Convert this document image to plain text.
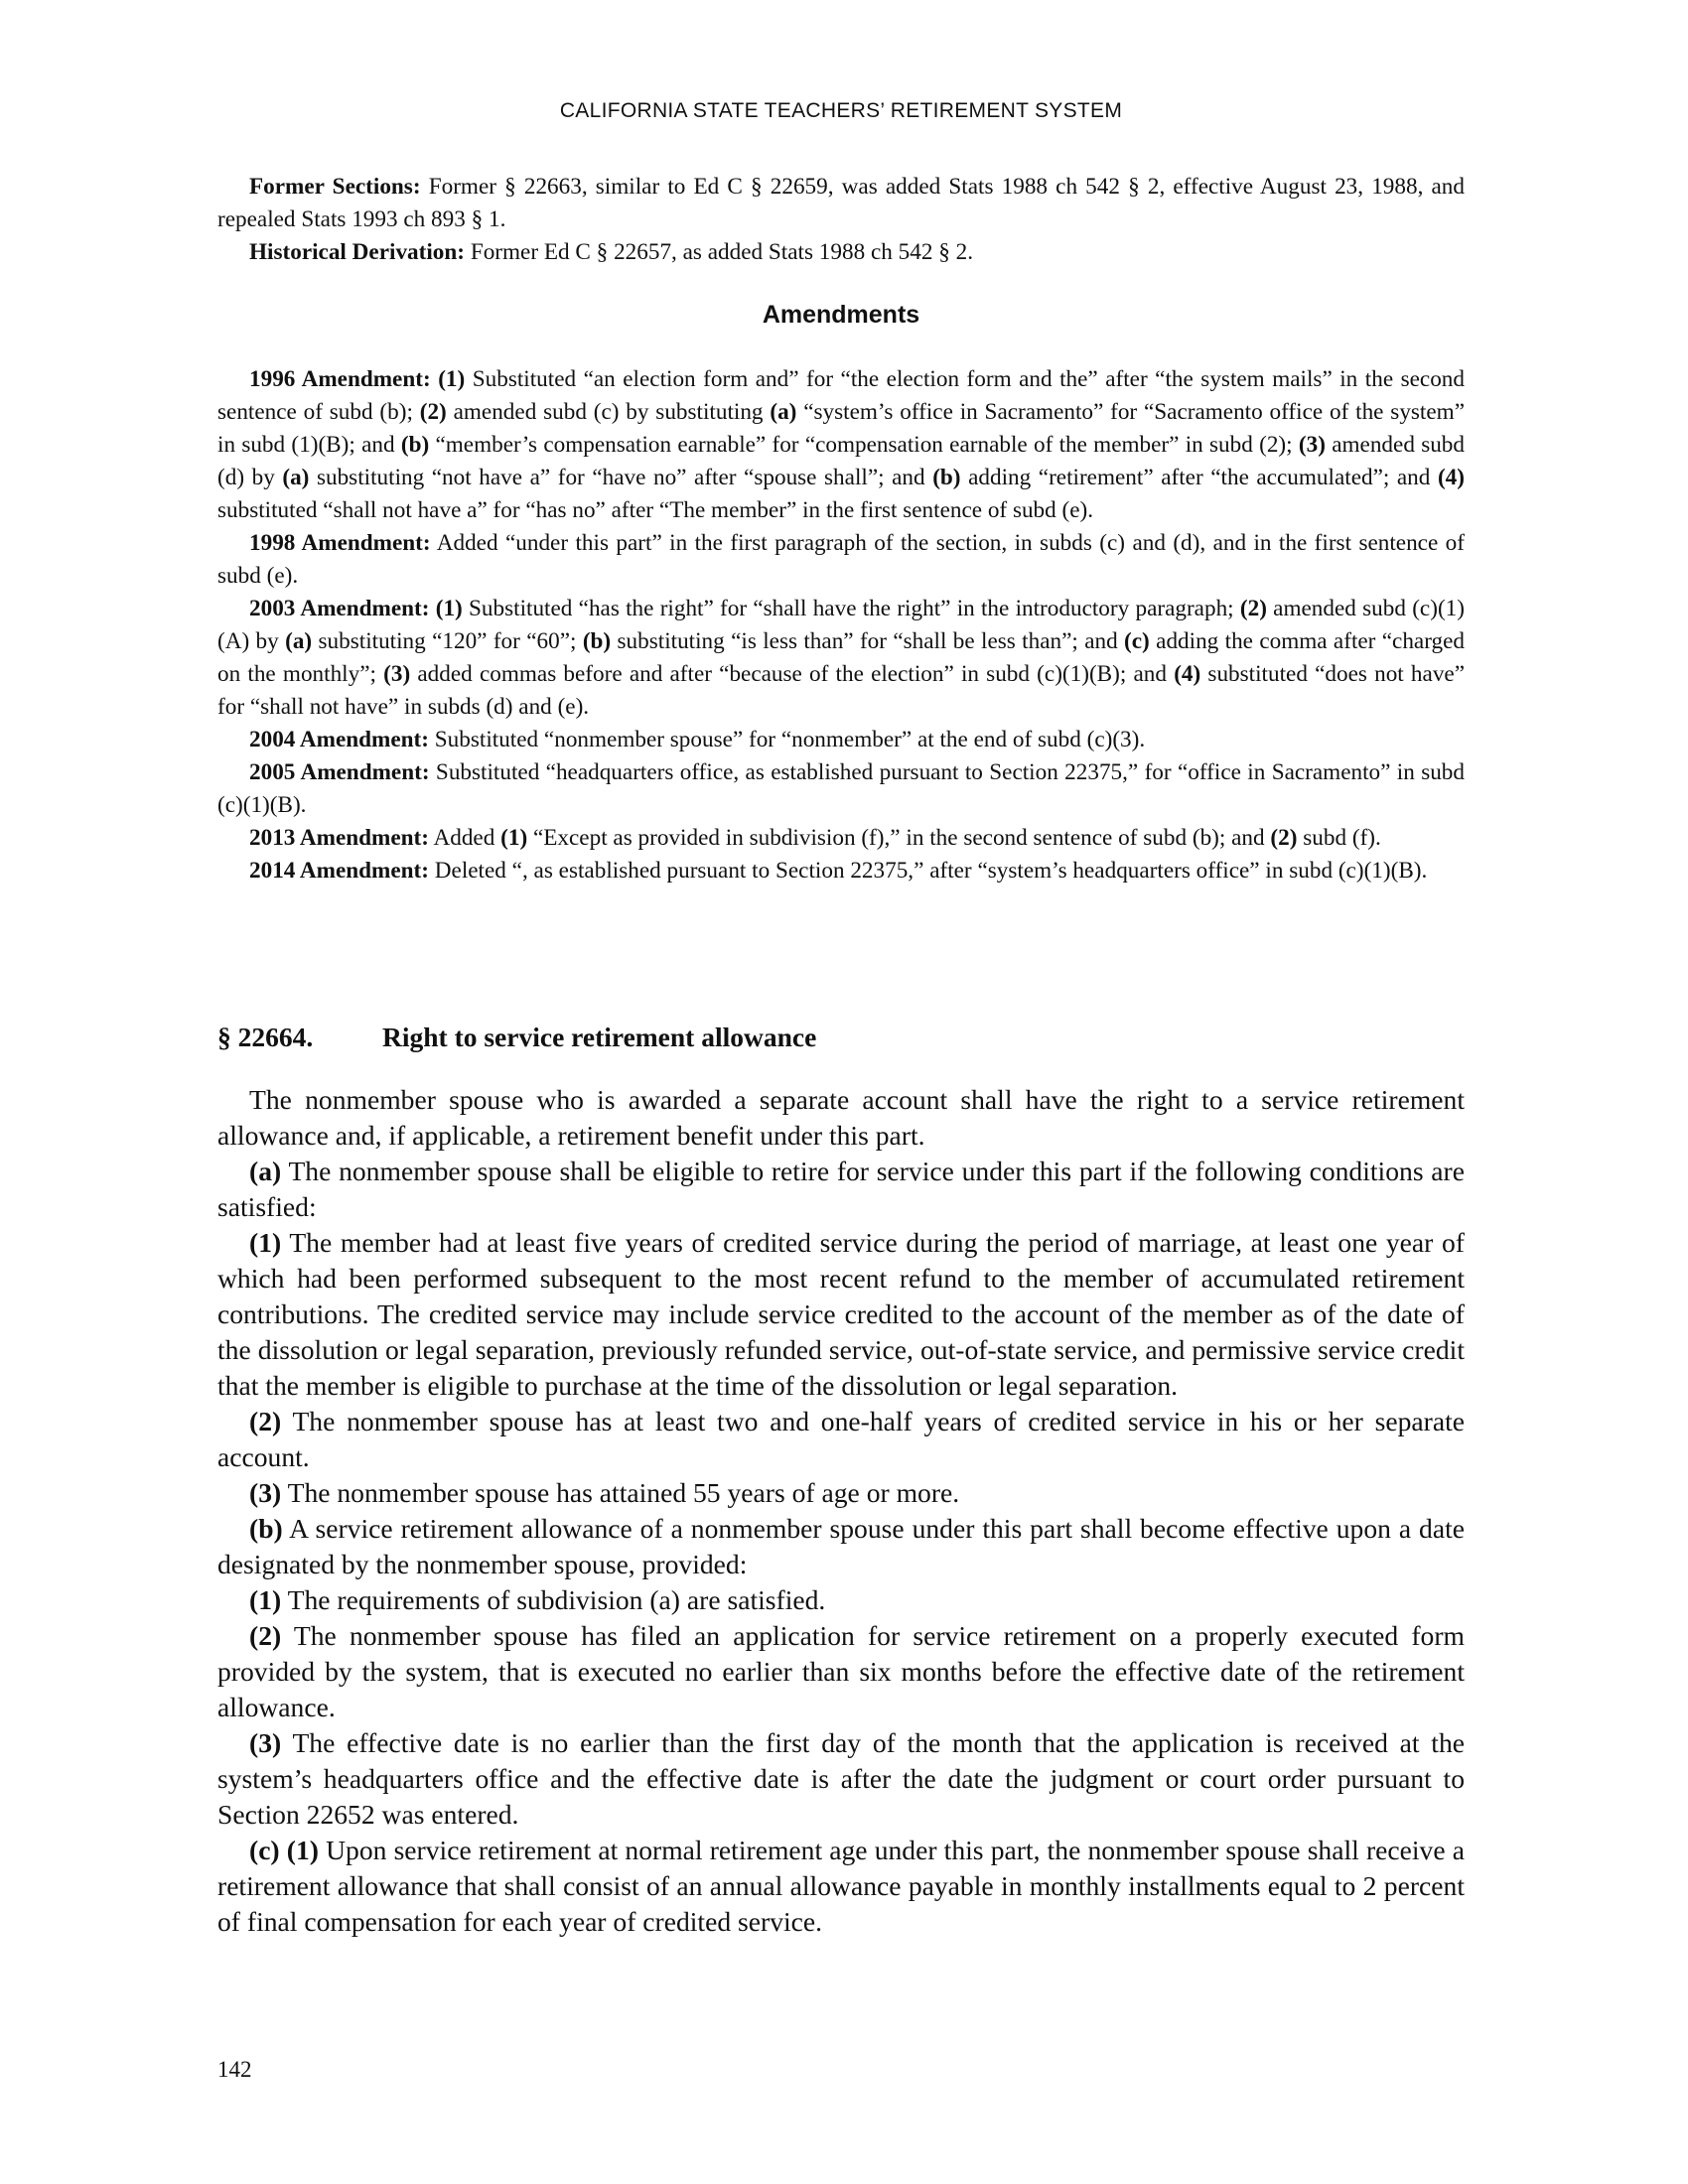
CALIFORNIA STATE TEACHERS’ RETIREMENT SYSTEM

Former Sections: Former § 22663, similar to Ed C § 22659, was added Stats 1988 ch 542 § 2, effective August 23, 1988, and repealed Stats 1993 ch 893 § 1.

Historical Derivation: Former Ed C § 22657, as added Stats 1988 ch 542 § 2.

Amendments

1996 Amendment: (1) Substituted “an election form and” for “the election form and the” after “the system mails” in the second sentence of subd (b); (2) amended subd (c) by substituting (a) “system’s office in Sacramento” for “Sacramento office of the system” in subd (1)(B); and (b) “member’s compensation earnable” for “compensation earnable of the member” in subd (2); (3) amended subd (d) by (a) substituting “not have a” for “have no” after “spouse shall”; and (b) adding “retirement” after “the accumulated”; and (4) substituted “shall not have a” for “has no” after “The member” in the first sentence of subd (e).

1998 Amendment: Added “under this part” in the first paragraph of the section, in subds (c) and (d), and in the first sentence of subd (e).

2003 Amendment: (1) Substituted “has the right” for “shall have the right” in the introductory paragraph; (2) amended subd (c)(1)(A) by (a) substituting “120” for “60”; (b) substituting “is less than” for “shall be less than”; and (c) adding the comma after “charged on the monthly”; (3) added commas before and after “because of the election” in subd (c)(1)(B); and (4) substituted “does not have” for “shall not have” in subds (d) and (e).

2004 Amendment: Substituted “nonmember spouse” for “nonmember” at the end of subd (c)(3).

2005 Amendment: Substituted “headquarters office, as established pursuant to Section 22375,” for “office in Sacramento” in subd (c)(1)(B).

2013 Amendment: Added (1) “Except as provided in subdivision (f),” in the second sentence of subd (b); and (2) subd (f).

2014 Amendment: Deleted “, as established pursuant to Section 22375,” after “system’s headquarters office” in subd (c)(1)(B).

§ 22664.	Right to service retirement allowance

The nonmember spouse who is awarded a separate account shall have the right to a service retirement allowance and, if applicable, a retirement benefit under this part.

(a) The nonmember spouse shall be eligible to retire for service under this part if the following conditions are satisfied:

(1) The member had at least five years of credited service during the period of marriage, at least one year of which had been performed subsequent to the most recent refund to the member of accumulated retirement contributions. The credited service may include service credited to the account of the member as of the date of the dissolution or legal separation, previously refunded service, out-of-state service, and permissive service credit that the member is eligible to purchase at the time of the dissolution or legal separation.

(2) The nonmember spouse has at least two and one-half years of credited service in his or her separate account.

(3) The nonmember spouse has attained 55 years of age or more.

(b) A service retirement allowance of a nonmember spouse under this part shall become effective upon a date designated by the nonmember spouse, provided:

(1) The requirements of subdivision (a) are satisfied.

(2) The nonmember spouse has filed an application for service retirement on a properly executed form provided by the system, that is executed no earlier than six months before the effective date of the retirement allowance.

(3) The effective date is no earlier than the first day of the month that the application is received at the system’s headquarters office and the effective date is after the date the judgment or court order pursuant to Section 22652 was entered.

(c) (1) Upon service retirement at normal retirement age under this part, the nonmember spouse shall receive a retirement allowance that shall consist of an annual allowance payable in monthly installments equal to 2 percent of final compensation for each year of credited service.

142
